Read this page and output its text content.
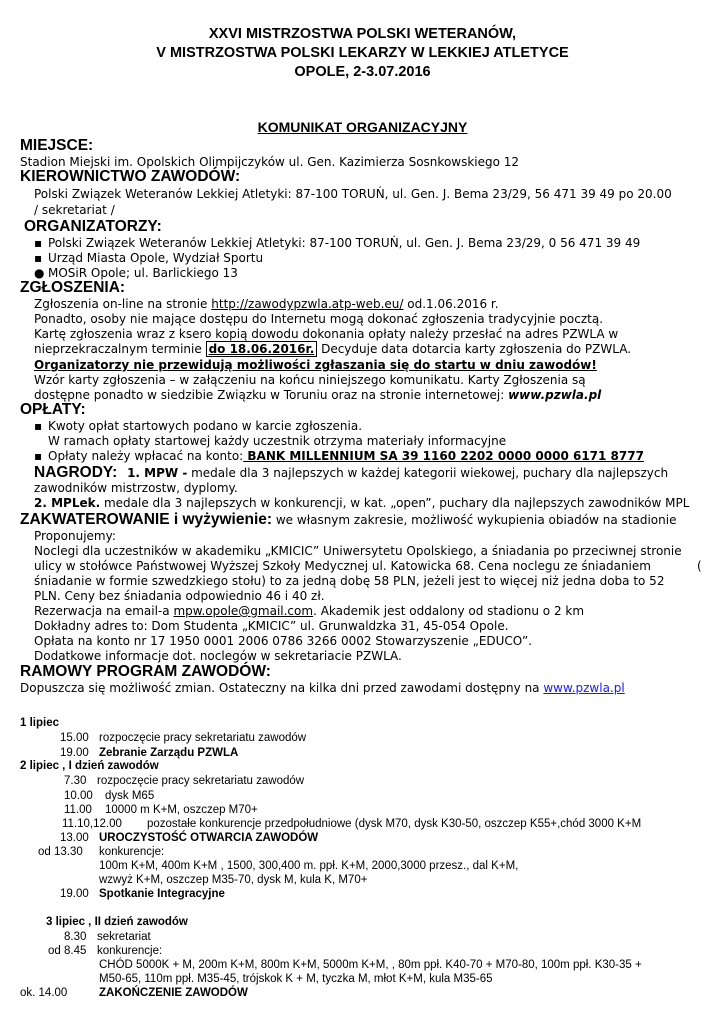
XXVI MISTRZOSTWA POLSKI WETERANÓW,
V MISTRZOSTWA POLSKI LEKARZY W LEKKIEJ ATLETYCE
OPOLE, 2-3.07.2016
KOMUNIKAT ORGANIZACYJNY
MIEJSCE:
Stadion Miejski im. Opolskich Olimpijczyków ul. Gen. Kazimierza Sosnkowskiego 12
KIEROWNICTWO ZAWODÓW:
Polski Związek Weteranów Lekkiej Atletyki: 87-100 TORUŃ, ul. Gen. J. Bema 23/29, 56 471 39 49 po 20.00
/ sekretariat /
ORGANIZATORZY:
▪ Polski Związek Weteranów Lekkiej Atletyki: 87-100 TORUŃ, ul. Gen. J. Bema 23/29, 0 56 471 39 49
▪ Urząd Miasta Opole, Wydział Sportu
● MOSiR Opole; ul. Barlickiego 13
ZGŁOSZENIA:
Zgłoszenia on-line na stronie http://zawodypzwla.atp-web.eu/ od.1.06.2016 r.
Ponadto, osoby nie mające dostępu do Internetu mogą dokonać zgłoszenia tradycyjnie pocztą.
Kartę zgłoszenia wraz z ksero kopią dowodu dokonania opłaty należy przesłać na adres PZWLA w
nieprzekraczalnym terminie do 18.06.2016r. Decyduje data dotarcia karty zgłoszenia do PZWLA.
Organizatorzy nie przewidują możliwości zgłaszania się do startu w dniu zawodów!
Wzór karty zgłoszenia – w załączeniu na końcu niniejszego komunikatu. Karty Zgłoszenia są
dostępne ponadto w siedzibie Związku w Toruniu oraz na stronie internetowej: www.pzwla.pl
OPŁATY:
▪ Kwoty opłat startowych podano w karcie zgłoszenia.
W ramach opłaty startowej każdy uczestnik otrzyma materiały informacyjne
▪ Opłaty należy wpłacać na konto: BANK MILLENNIUM SA 39 1160 2202 0000 0000 6171 8777
NAGRODY: 1. MPW - medale dla 3 najlepszych w każdej kategorii wiekowej, puchary dla najlepszych
zawodników mistrzostw, dyplomy.
2. MPLek. medale dla 3 najlepszych w konkurencji, w kat. „open”, puchary dla najlepszych zawodników MPL
ZAKWATEROWANIE i wyżywienie: we własnym zakresie, możliwość wykupienia obiadów na stadionie
Proponujemy:
Noclegi dla uczestników w akademiku „KMICIC” Uniwersytetu Opolskiego, a śniadania po przeciwnej stronie
ulicy w stołówce Państwowej Wyższej Szkoły Medycznej ul. Katowicka 68. Cena noclegu ze śniadaniem	(
śniadanie w formie szwedzkiego stołu) to za jedną dobę 58 PLN, jeżeli jest to więcej niż jedna doba to 52
PLN. Ceny bez śniadania odpowiednio 46 i 40 zł.
Rezerwacja na email-a mpw.opole@gmail.com. Akademik jest oddalony od stadionu o 2 km
Dokładny adres to: Dom Studenta „KMICIC” ul. Grunwaldzka 31, 45-054 Opole.
Opłata na konto nr 17 1950 0001 2006 0786 3266 0002 Stowarzyszenie „EDUCO”.
Dodatkowe informacje dot. noclegów w sekretariacie PZWLA.
RAMOWY PROGRAM ZAWODÓW:
Dopuszcza się możliwość zmian. Ostateczny na kilka dni przed zawodami dostępny na www.pzwla.pl
1 lipiec
15.00 rozpoczęcie pracy sekretariatu zawodów
19.00 Zebranie Zarządu PZWLA
2 lipiec , I dzień zawodów
7.30 rozpoczęcie pracy sekretariatu zawodów
10.00 dysk M65
11.00 10000 m K+M, oszczep M70+
11.10,12.00 pozostałe konkurencje przedpołudniowe (dysk M70, dysk K30-50, oszczep K55+,chód 3000 K+M
13.00 UROCZYSTOŚĆ OTWARCIA ZAWODÓW
od 13.30 konkurencje:
100m K+M, 400m K+M , 1500, 300,400 m. ppł. K+M, 2000,3000 przesz., dal K+M,
wzwyż K+M, oszczep M35-70, dysk M, kula K, M70+
19.00 Spotkanie Integracyjne
3 lipiec , II dzień zawodów
8.30 sekretariat
od 8.45 konkurencje:
CHÓD 5000K + M, 200m K+M, 800m K+M, 5000m K+M, , 80m ppł. K40-70 + M70-80, 100m ppł. K30-35 +
M50-65, 110m ppł. M35-45, trójskok K + M, tyczka M, młot K+M, kula M35-65
ok. 14.00	ZAKOŃCZENIE ZAWODÓW
